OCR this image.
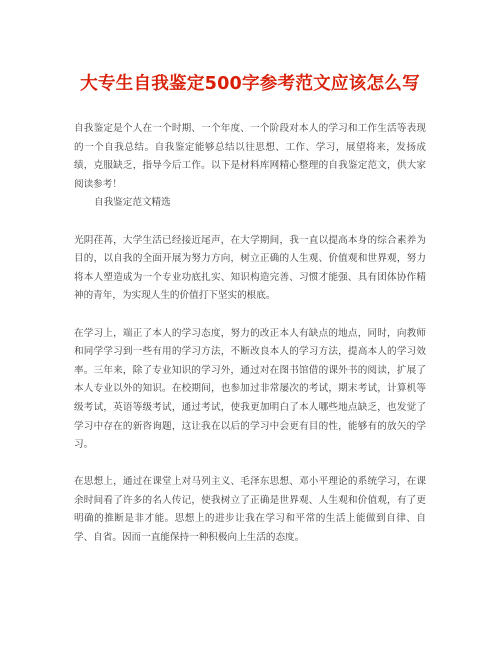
大专生自我鉴定500字参考范文应该怎么写

自我鉴定是个人在一个时期、一个年度、一个阶段对本人的学习和工作生活等表现的一个自我总结。自我鉴定能够总结以往思想、工作、学习，展望将来，发扬成绩，克服缺乏，指导今后工作。以下是材料库网精心整理的自我鉴定范文，供大家阅读参考！

自我鉴定范文精选

光阴荏苒，大学生活已经接近尾声，在大学期间，我一直以提高本身的综合素养为目的，以自我的全面开展为努力方向，树立正确的人生观、价值观和世界观，努力将本人塑造成为一个专业功底扎实、知识构造完善、习惯才能强、具有团体协作精神的青年，为实现人生的价值打下坚实的根底。

在学习上，端正了本人的学习态度，努力的改正本人有缺点的地点，同时，向教师和同学学习到一些有用的学习方法，不断改良本人的学习方法，提高本人的学习效率。三年来，除了专业知识的学习外，通过对在图书馆借的课外书的阅读，扩展了本人专业以外的知识。在校期间，也参加过非常屡次的考试，期末考试，计算机等级考试，英语等级考试，通过考试，使我更加明白了本人哪些地点缺乏，也发觉了学习中存在的新咨询题，这让我在以后的学习中会更有目的性，能够有的放矢的学习。

在思想上，通过在课堂上对马列主义、毛泽东思想、邓小平理论的系统学习，在课余时间看了许多的名人传记，使我树立了正确是世界观、人生观和价值观，有了更明确的推断是非才能。思想上的进步让我在学习和平常的生活上能做到自律、自学、自省。因而一直能保持一种积极向上生活的态度。
